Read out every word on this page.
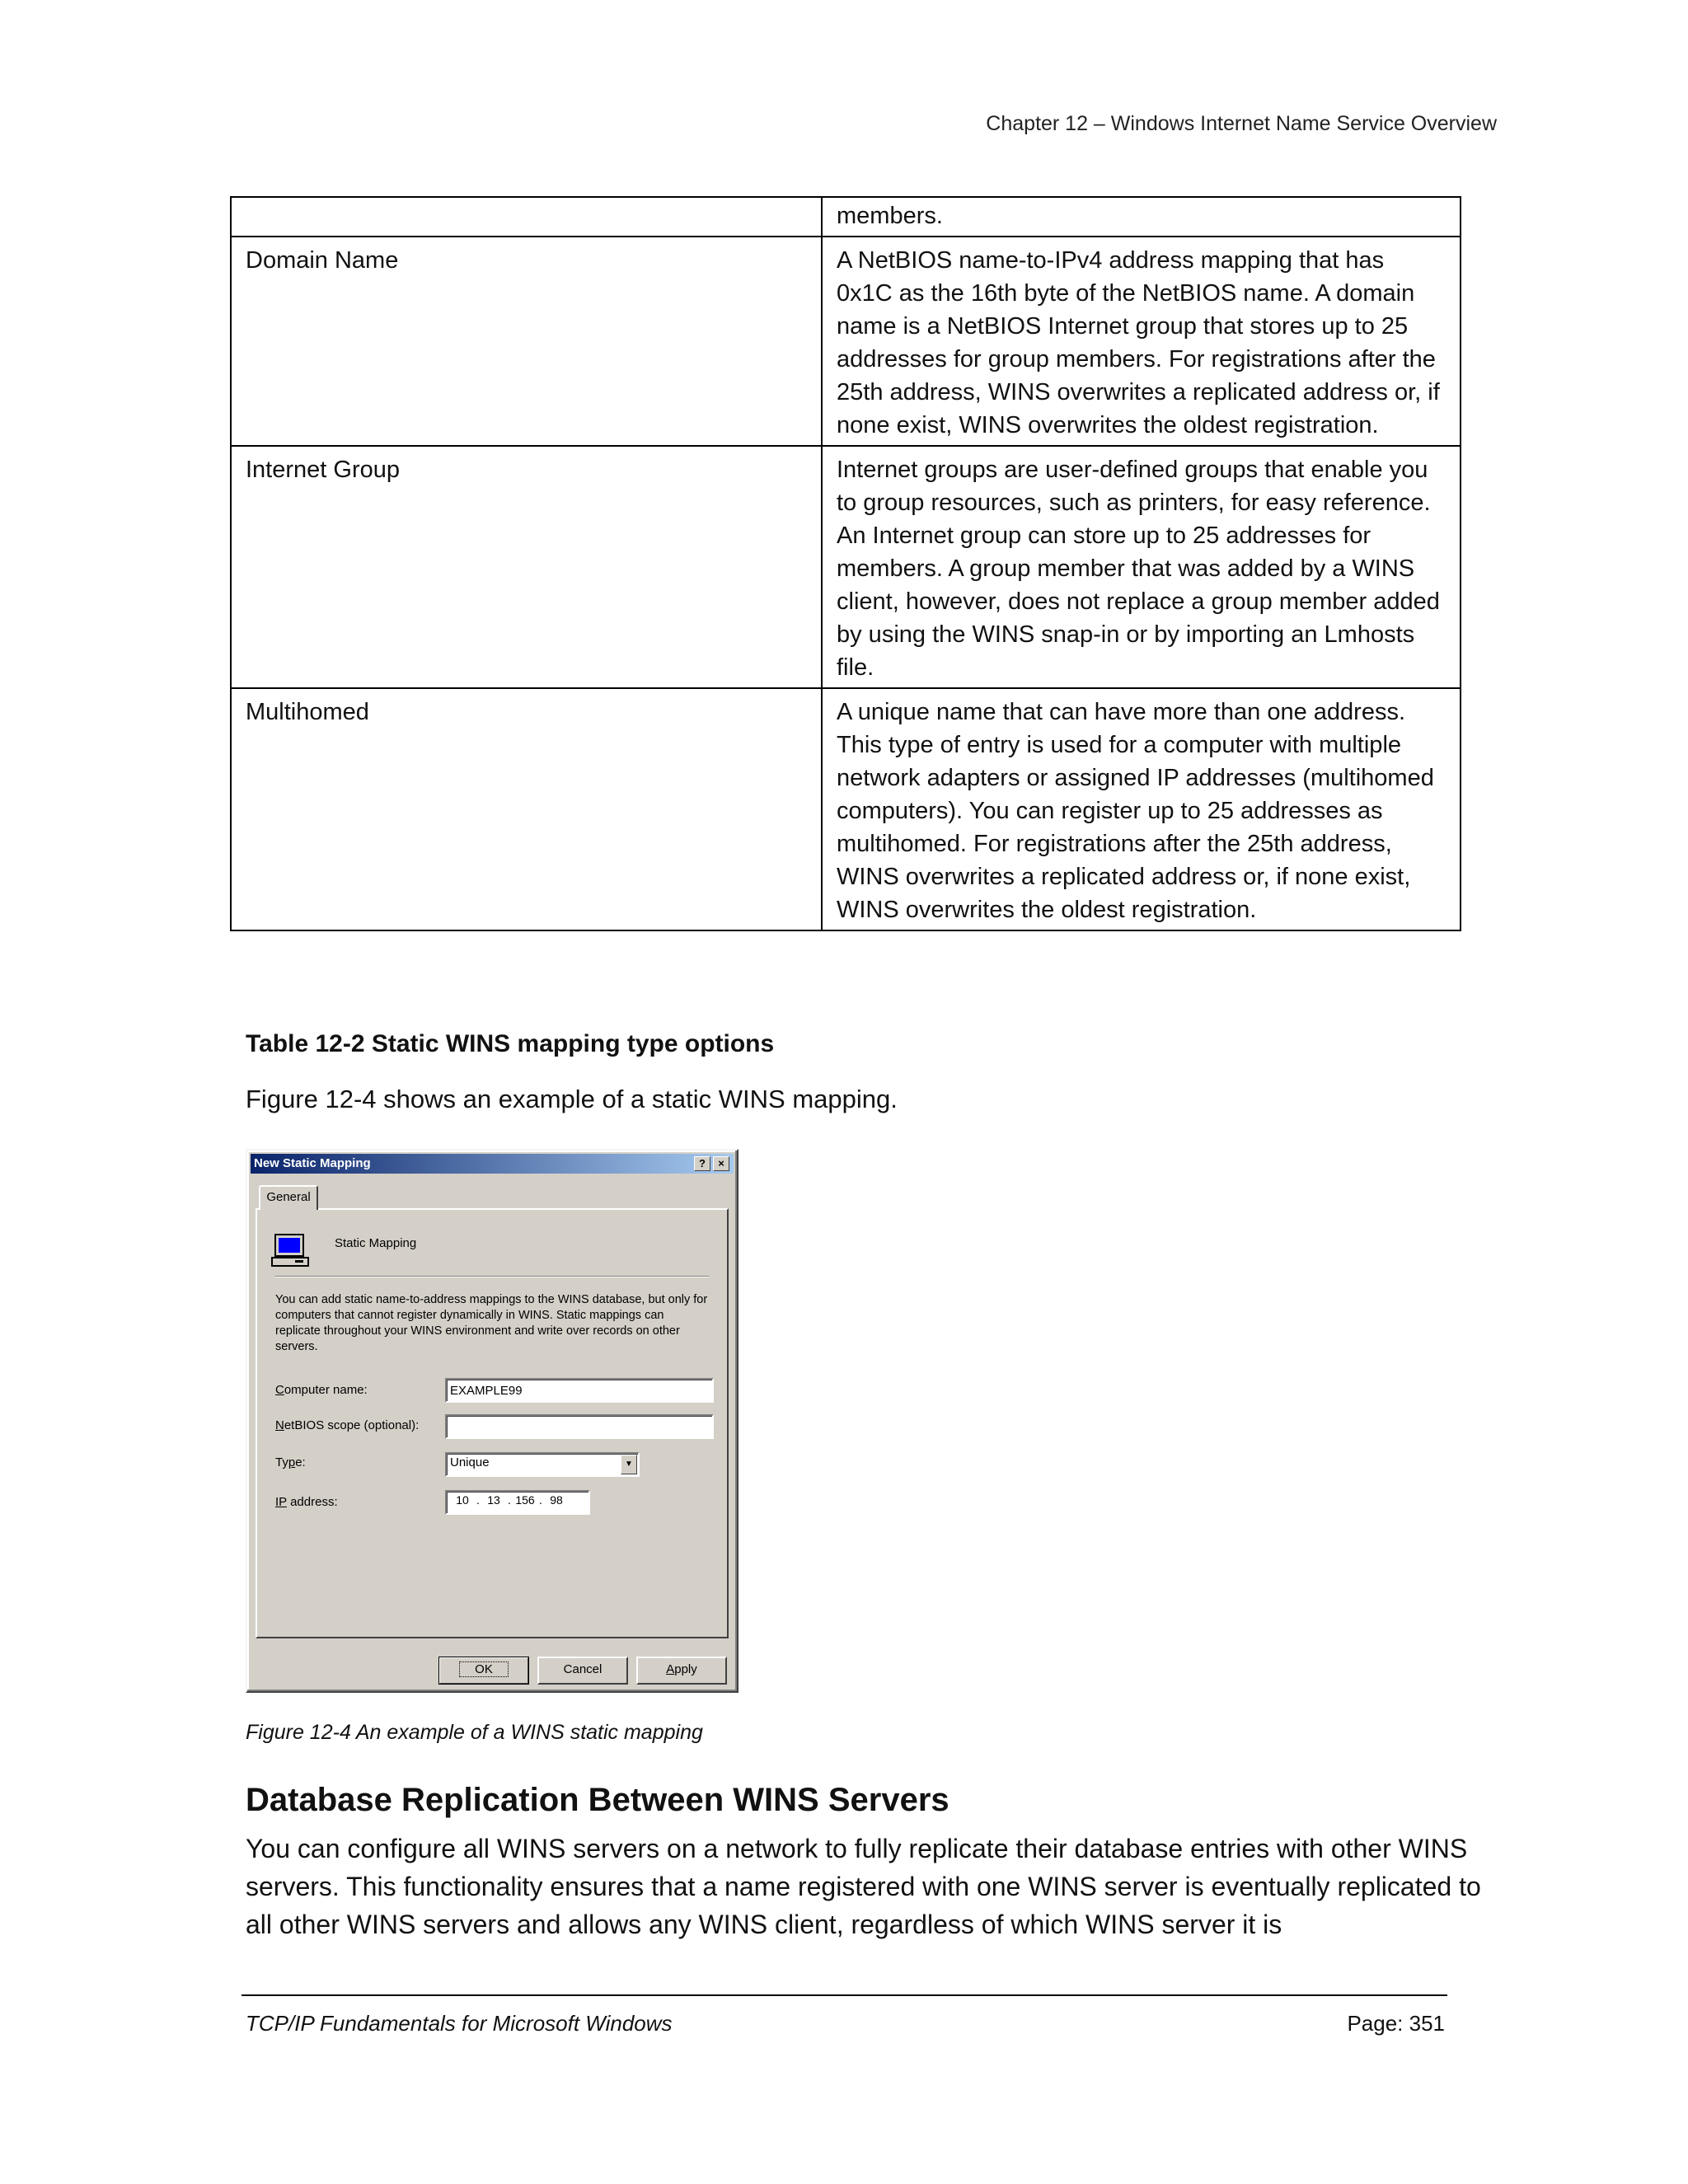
Chapter 12 – Windows Internet Name Service Overview
	members.
Domain Name	A NetBIOS name-to-IPv4 address mapping that has 0x1C as the 16th byte of the NetBIOS name. A domain name is a NetBIOS Internet group that stores up to 25 addresses for group members. For registrations after the 25th address, WINS overwrites a replicated address or, if none exist, WINS overwrites the oldest registration.
Internet Group	Internet groups are user-defined groups that enable you to group resources, such as printers, for easy reference. An Internet group can store up to 25 addresses for members. A group member that was added by a WINS client, however, does not replace a group member added by using the WINS snap-in or by importing an Lmhosts file.
Multihomed	A unique name that can have more than one address. This type of entry is used for a computer with multiple network adapters or assigned IP addresses (multihomed computers). You can register up to 25 addresses as multihomed. For registrations after the 25th address, WINS overwrites a replicated address or, if none exist, WINS overwrites the oldest registration.
Table 12-2 Static WINS mapping type options
Figure 12-4 shows an example of a static WINS mapping.
New Static Mapping	?	×
General
Static Mapping
You can add static name-to-address mappings to the WINS database, but only for computers that cannot register dynamically in WINS. Static mappings can replicate throughout your WINS environment and write over records on other servers.
Computer name:
EXAMPLE99
NetBIOS scope (optional):
Type:	Unique	▼
IP address:	10 . 13 . 156 . 98
OK	Cancel	Apply
Figure 12-4 An example of a WINS static mapping
Database Replication Between WINS Servers
You can configure all WINS servers on a network to fully replicate their database entries with other WINS servers. This functionality ensures that a name registered with one WINS server is eventually replicated to all other WINS servers and allows any WINS client, regardless of which WINS server it is
TCP/IP Fundamentals for Microsoft Windows	Page: 351
